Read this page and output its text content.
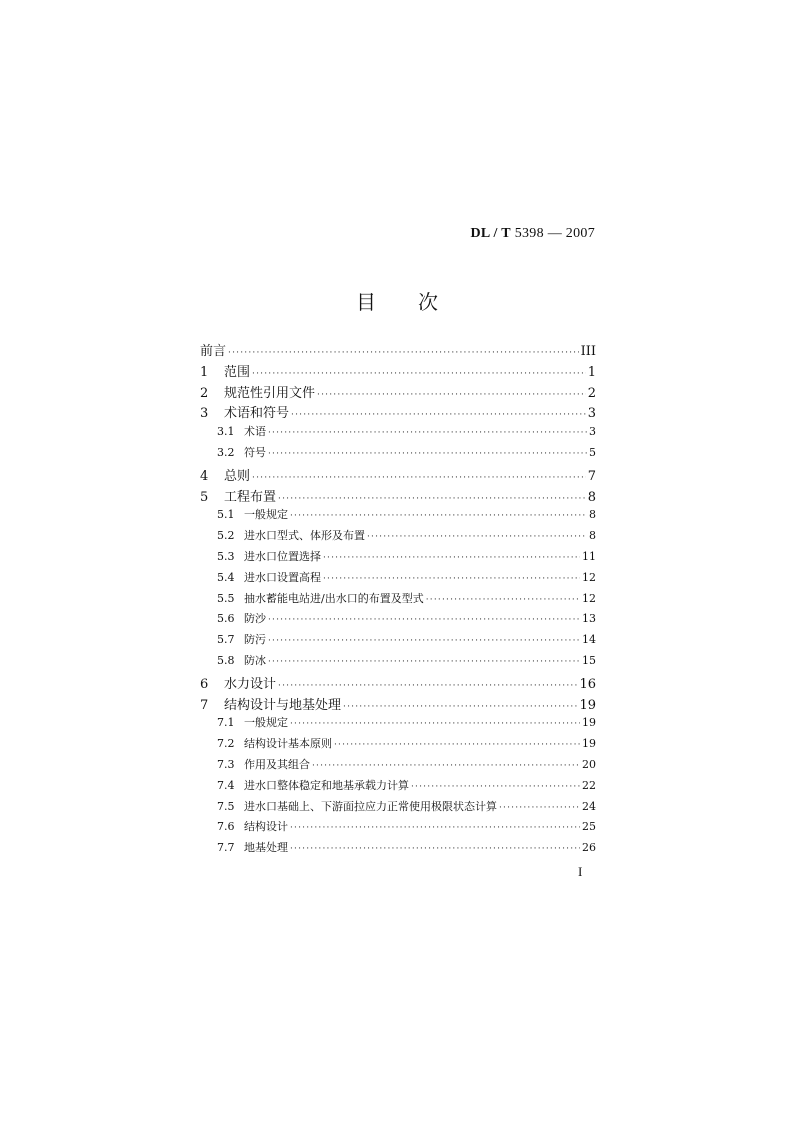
DL / T 5398 — 2007
目次
前言 ·····	III
1	范围 ·····	1
2	规范性引用文件 ·····	2
3	术语和符号 ·····	3
3.1 术语 ·····	3
3.2 符号 ·····	5
4	总则 ·····	7
5	工程布置 ·····	8
5.1 一般规定 ·····	8
5.2 进水口型式、体形及布置 ·····	8
5.3 进水口位置选择 ·····	11
5.4 进水口设置高程 ·····	12
5.5 抽水蓄能电站进/出水口的布置及型式 ·····	12
5.6 防沙 ·····	13
5.7 防污 ·····	14
5.8 防冰 ·····	15
6	水力设计 ·····	16
7	结构设计与地基处理 ·····	19
7.1 一般规定 ·····	19
7.2 结构设计基本原则 ·····	19
7.3 作用及其组合 ·····	20
7.4 进水口整体稳定和地基承载力计算 ·····	22
7.5 进水口基础上、下游面拉应力正常使用极限状态计算 ·····	24
7.6 结构设计 ·····	25
7.7 地基处理 ·····	26
I
